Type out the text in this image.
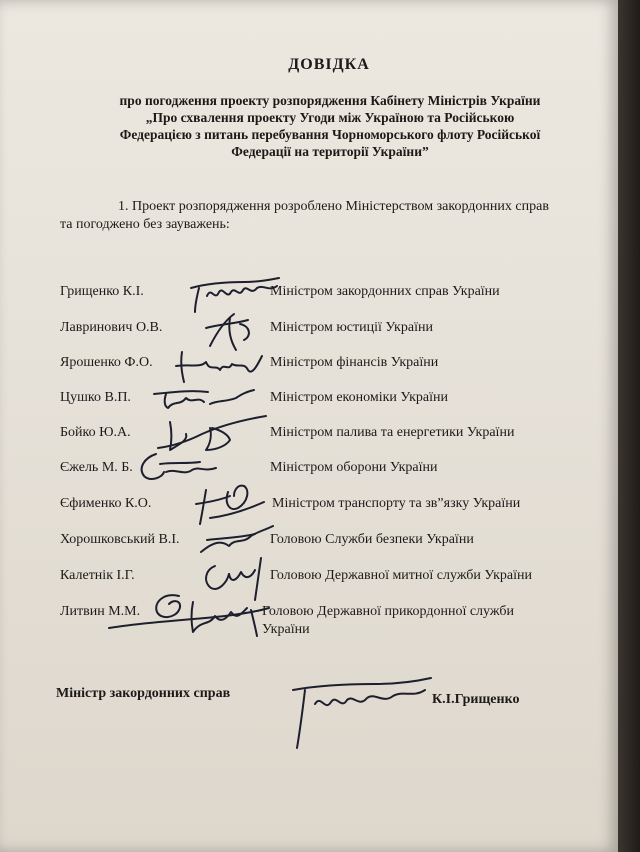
ДОВІДКА
про погодження проекту розпорядження Кабінету Міністрів України
„Про схвалення проекту Угоди між Україною та Російською
Федерацією з питань перебування Чорноморського флоту Російської
Федерації на території України”
1. Проект розпорядження розроблено Міністерством закордонних справ
та погоджено без зауважень:
Грищенко К.І.	Міністром закордонних справ України
Лавринович О.В.	Міністром юстиції України
Ярошенко Ф.О.	Міністром фінансів України
Цушко В.П.	Міністром економіки України
Бойко Ю.А.	Міністром палива та енергетики України
Єжель М. Б.	Міністром оборони України
Єфименко К.О.	Міністром транспорту та зв”язку України
Хорошковський В.І.	Головою Служби безпеки України
Калетнік І.Г.	Головою Державної митної служби України
Литвин М.М.	Головою Державної прикордонної служби
України
Міністр закордонних справ	К.І.Грищенко
